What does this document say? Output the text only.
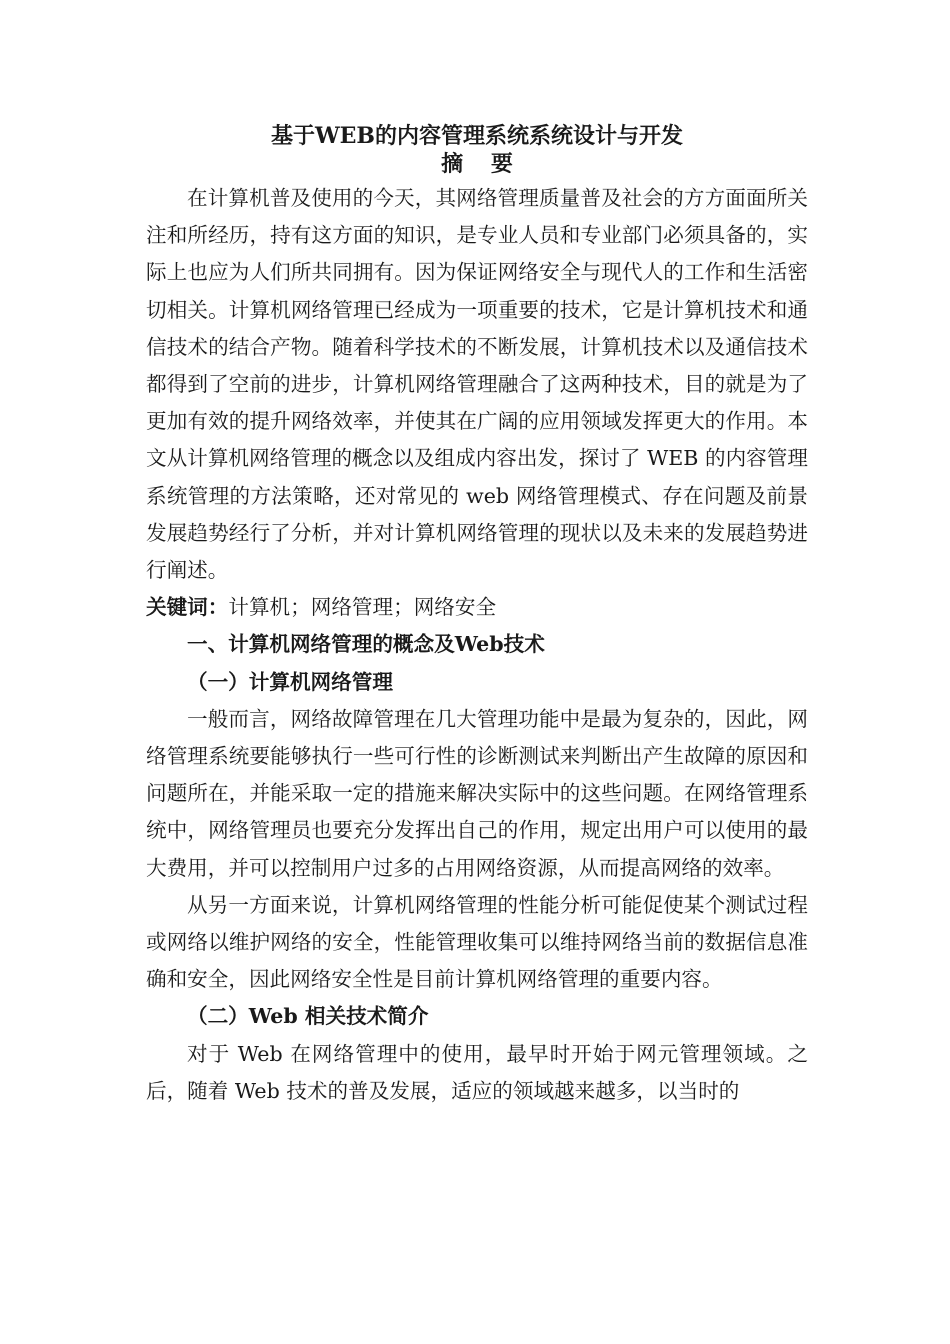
基于WEB的内容管理系统系统设计与开发
摘 要

在计算机普及使用的今天，其网络管理质量普及社会的方方面面所关注和所经历，持有这方面的知识，是专业人员和专业部门必须具备的，实际上也应为人们所共同拥有。因为保证网络安全与现代人的工作和生活密切相关。计算机网络管理已经成为一项重要的技术，它是计算机技术和通信技术的结合产物。随着科学技术的不断发展，计算机技术以及通信技术都得到了空前的进步，计算机网络管理融合了这两种技术，目的就是为了更加有效的提升网络效率，并使其在广阔的应用领域发挥更大的作用。本文从计算机网络管理的概念以及组成内容出发，探讨了 WEB 的内容管理系统管理的方法策略，还对常见的 web 网络管理模式、存在问题及前景发展趋势经行了分析，并对计算机网络管理的现状以及未来的发展趋势进行阐述。

关键词：计算机；网络管理；网络安全

一、计算机网络管理的概念及Web技术
（一）计算机网络管理

一般而言，网络故障管理在几大管理功能中是最为复杂的，因此，网络管理系统要能够执行一些可行性的诊断测试来判断出产生故障的原因和问题所在，并能采取一定的措施来解决实际中的这些问题。在网络管理系统中，网络管理员也要充分发挥出自己的作用，规定出用户可以使用的最大费用，并可以控制用户过多的占用网络资源，从而提高网络的效率。

从另一方面来说，计算机网络管理的性能分析可能促使某个测试过程或网络以维护网络的安全，性能管理收集可以维持网络当前的数据信息准确和安全，因此网络安全性是目前计算机网络管理的重要内容。

（二）Web 相关技术简介

对于 Web 在网络管理中的使用，最早时开始于网元管理领域。之后，随着 Web 技术的普及发展，适应的领域越来越多，以当时的
